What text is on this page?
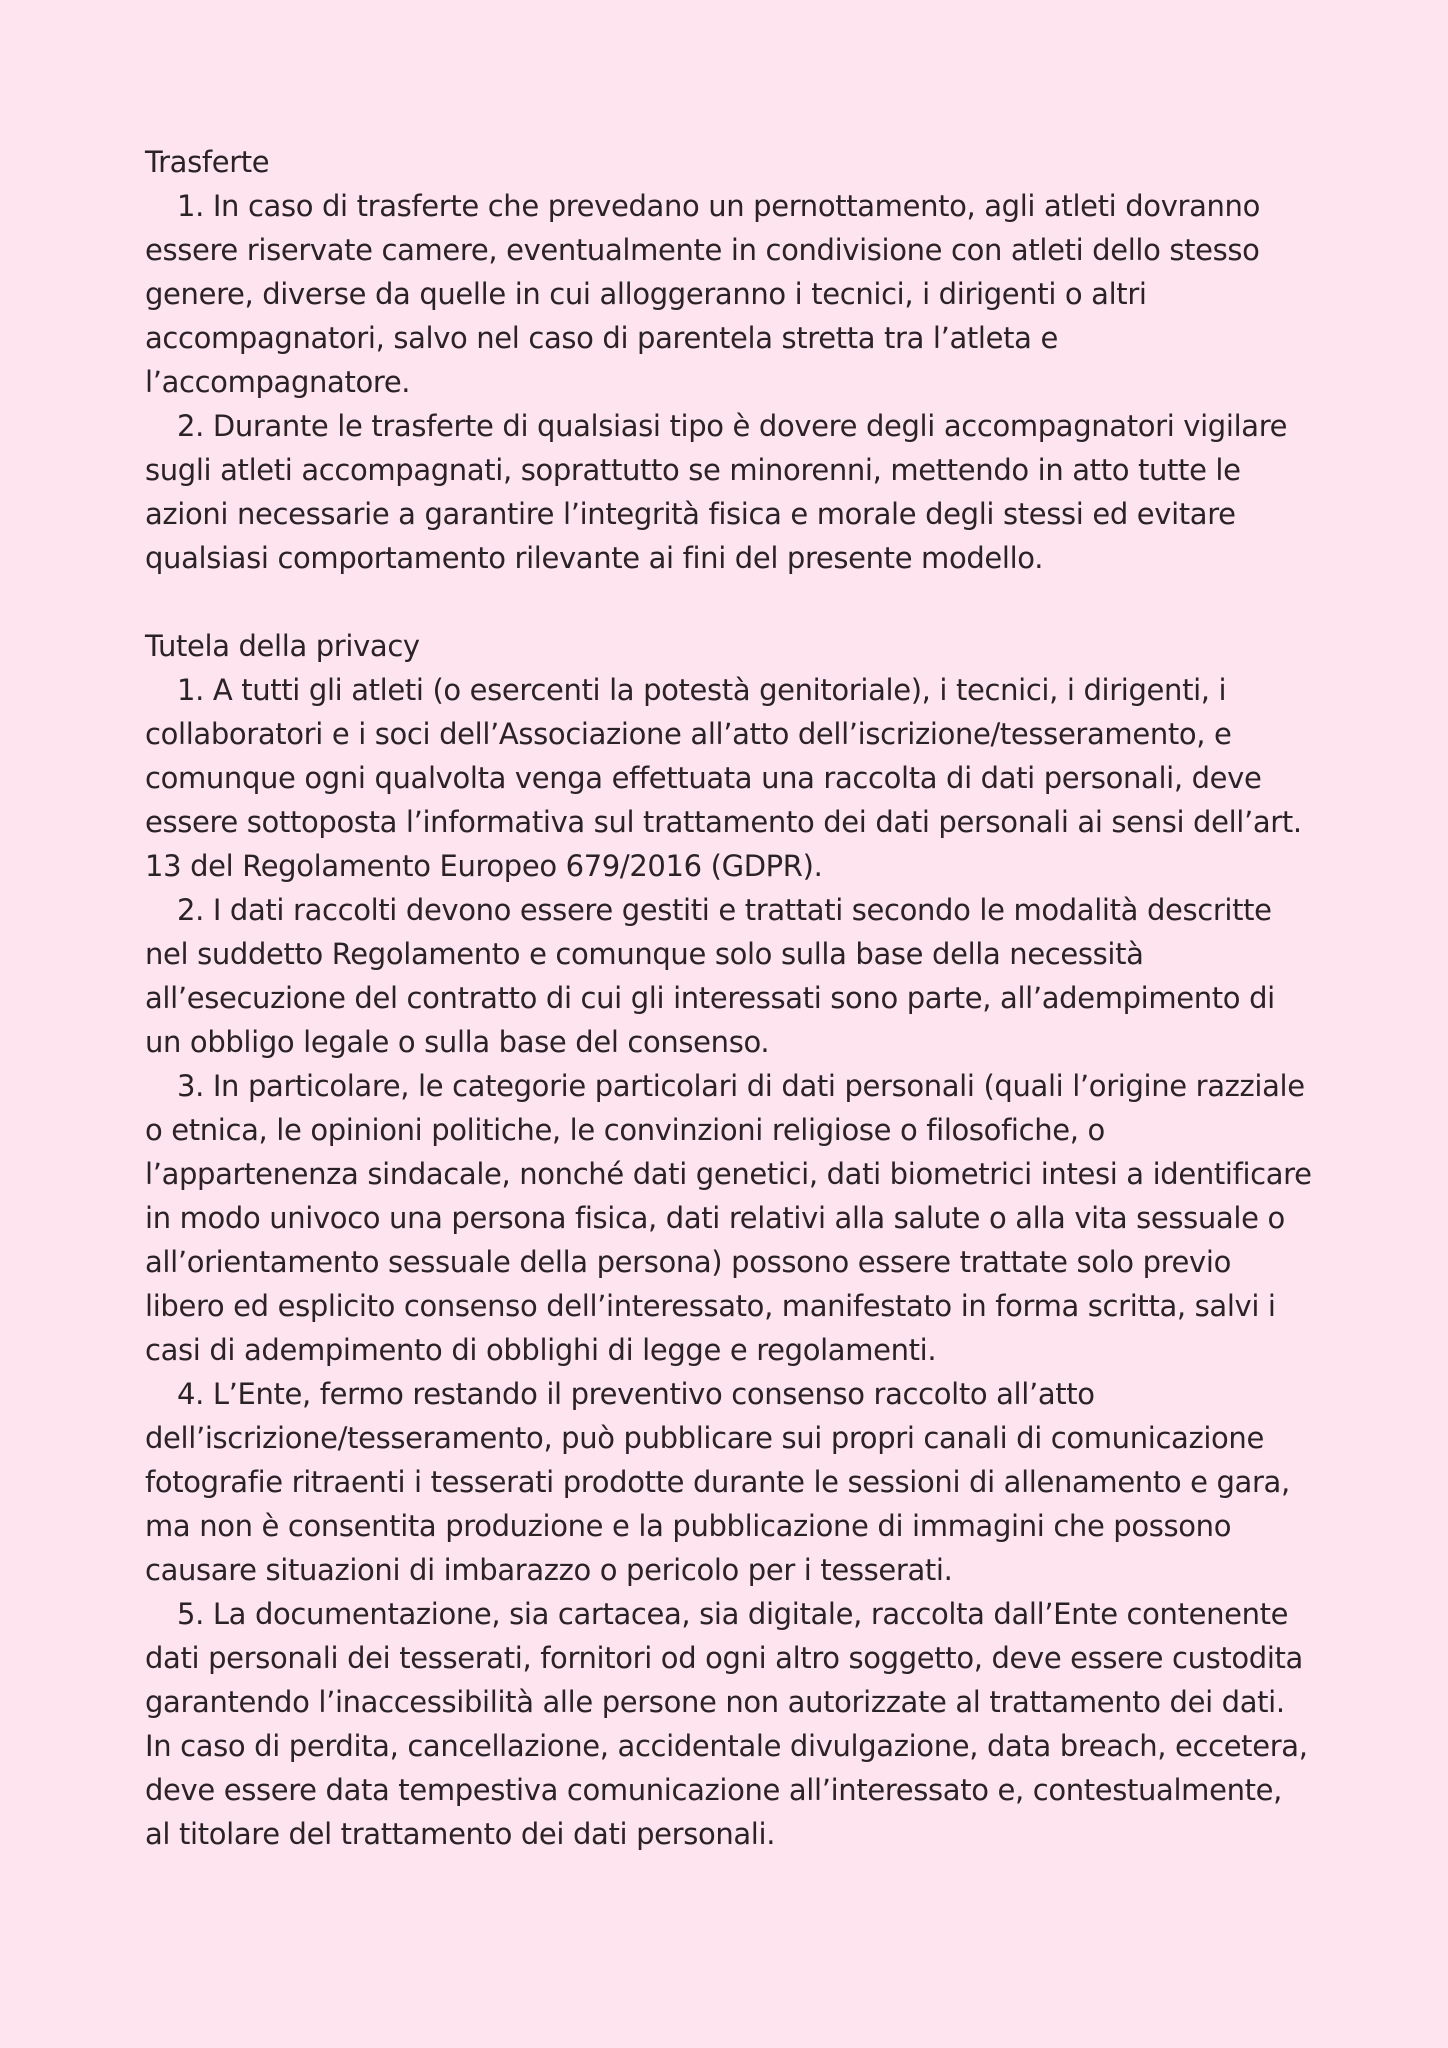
Trasferte

1. In caso di trasferte che prevedano un pernottamento, agli atleti dovranno essere riservate camere, eventualmente in condivisione con atleti dello stesso genere, diverse da quelle in cui alloggeranno i tecnici, i dirigenti o altri accompagnatori, salvo nel caso di parentela stretta tra l’atleta e l’accompagnatore.

2. Durante le trasferte di qualsiasi tipo è dovere degli accompagnatori vigilare sugli atleti accompagnati, soprattutto se minorenni, mettendo in atto tutte le azioni necessarie a garantire l’integrità fisica e morale degli stessi ed evitare qualsiasi comportamento rilevante ai fini del presente modello.

Tutela della privacy

1. A tutti gli atleti (o esercenti la potestà genitoriale), i tecnici, i dirigenti, i collaboratori e i soci dell’Associazione all’atto dell’iscrizione/tesseramento, e comunque ogni qualvolta venga effettuata una raccolta di dati personali, deve essere sottoposta l’informativa sul trattamento dei dati personali ai sensi dell’art. 13 del Regolamento Europeo 679/2016 (GDPR).

2. I dati raccolti devono essere gestiti e trattati secondo le modalità descritte nel suddetto Regolamento e comunque solo sulla base della necessità all’esecuzione del contratto di cui gli interessati sono parte, all’adempimento di un obbligo legale o sulla base del consenso.

3. In particolare, le categorie particolari di dati personali (quali l’origine razziale o etnica, le opinioni politiche, le convinzioni religiose o filosofiche, o l’appartenenza sindacale, nonché dati genetici, dati biometrici intesi a identificare in modo univoco una persona fisica, dati relativi alla salute o alla vita sessuale o all’orientamento sessuale della persona) possono essere trattate solo previo libero ed esplicito consenso dell’interessato, manifestato in forma scritta, salvi i casi di adempimento di obblighi di legge e regolamenti.

4. L’Ente, fermo restando il preventivo consenso raccolto all’atto dell’iscrizione/tesseramento, può pubblicare sui propri canali di comunicazione fotografie ritraenti i tesserati prodotte durante le sessioni di allenamento e gara, ma non è consentita produzione e la pubblicazione di immagini che possono causare situazioni di imbarazzo o pericolo per i tesserati.

5. La documentazione, sia cartacea, sia digitale, raccolta dall’Ente contenente dati personali dei tesserati, fornitori od ogni altro soggetto, deve essere custodita garantendo l’inaccessibilità alle persone non autorizzate al trattamento dei dati. In caso di perdita, cancellazione, accidentale divulgazione, data breach, eccetera, deve essere data tempestiva comunicazione all’interessato e, contestualmente, al titolare del trattamento dei dati personali.
